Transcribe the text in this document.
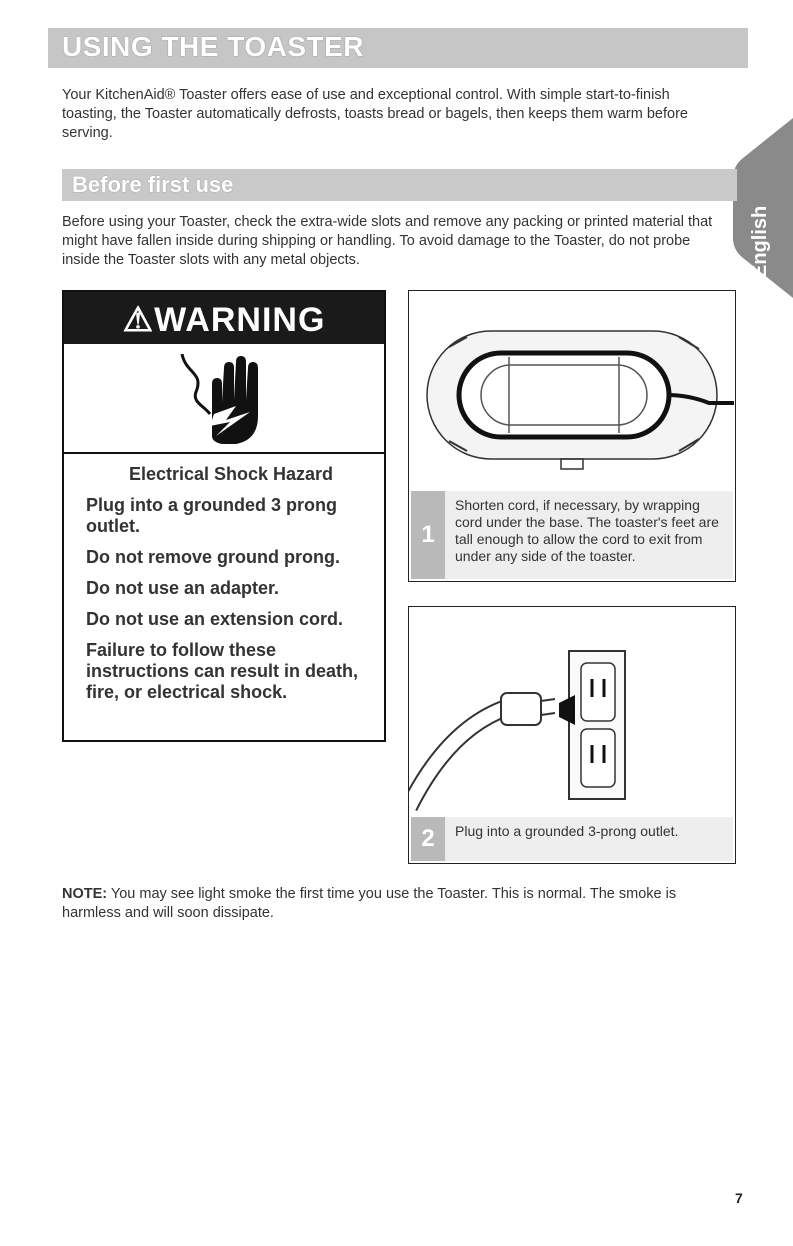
USING THE TOASTER
Your KitchenAid® Toaster offers ease of use and exceptional control. With simple start-to-finish toasting, the Toaster automatically defrosts, toasts bread or bagels, then keeps them warm before serving.
English
Before first use
Before using your Toaster, check the extra-wide slots and remove any packing or printed material that might have fallen inside during shipping or handling. To avoid damage to the Toaster, do not probe inside the Toaster slots with any metal objects.
⚠WARNING
Electrical Shock Hazard

Plug into a grounded 3 prong outlet.

Do not remove ground prong.

Do not use an adapter.

Do not use an extension cord.

Failure to follow these instructions can result in death, fire, or electrical shock.

1
Shorten cord, if necessary, by wrapping cord under the base. The toaster's feet are tall enough to allow the cord to exit from under any side of the toaster.
2	Plug into a grounded 3-prong outlet.
NOTE: You may see light smoke the first time you use the Toaster. This is normal. The smoke is harmless and will soon dissipate.
7
